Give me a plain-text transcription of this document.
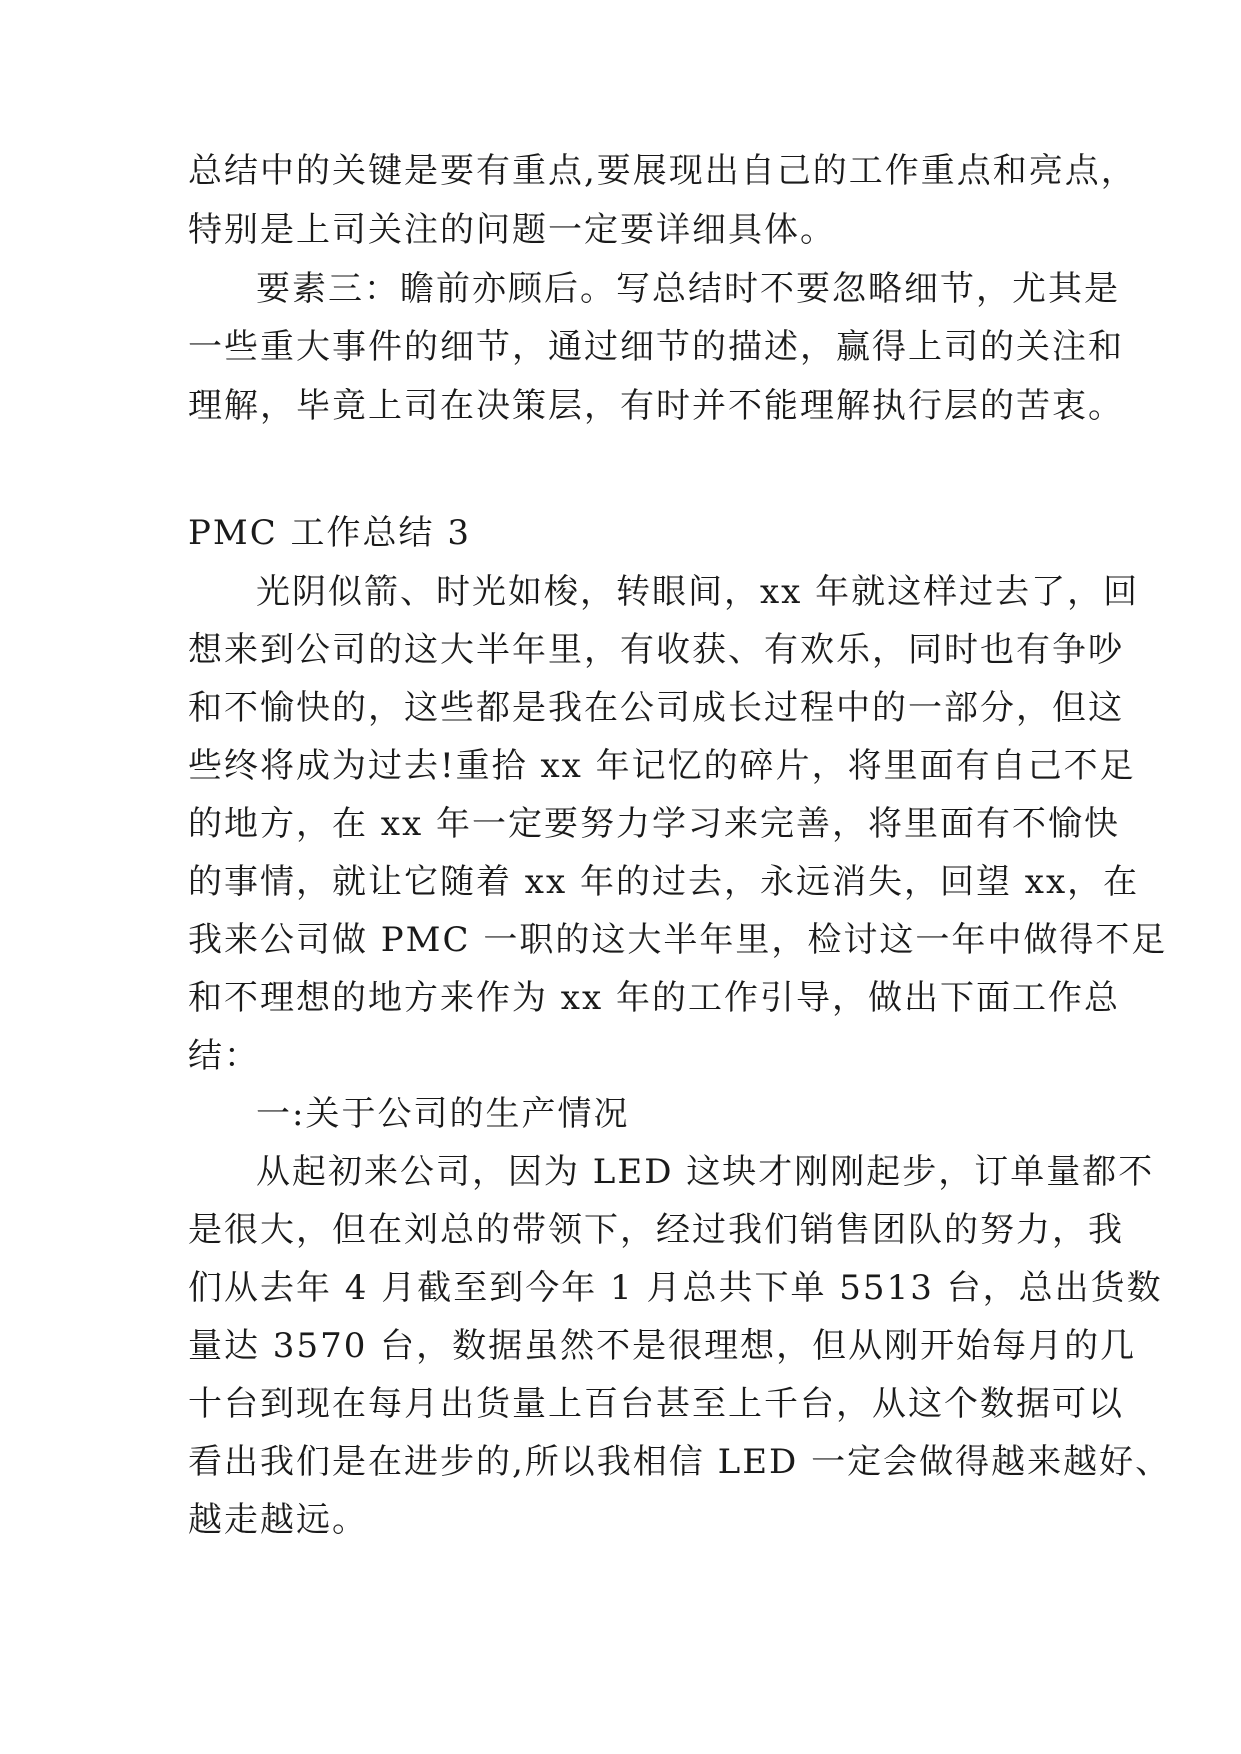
总结中的关键是要有重点,要展现出自己的工作重点和亮点，

特别是上司关注的问题一定要详细具体。

要素三：瞻前亦顾后。写总结时不要忽略细节，尤其是

一些重大事件的细节，通过细节的描述，赢得上司的关注和

理解，毕竟上司在决策层，有时并不能理解执行层的苦衷。

PMC 工作总结 3

光阴似箭、时光如梭，转眼间，xx 年就这样过去了，回

想来到公司的这大半年里，有收获、有欢乐，同时也有争吵

和不愉快的，这些都是我在公司成长过程中的一部分，但这

些终将成为过去!重拾 xx 年记忆的碎片，将里面有自己不足

的地方，在 xx 年一定要努力学习来完善，将里面有不愉快

的事情，就让它随着 xx 年的过去，永远消失，回望 xx，在

我来公司做 PMC 一职的这大半年里，检讨这一年中做得不足

和不理想的地方来作为 xx 年的工作引导，做出下面工作总

结：

一:关于公司的生产情况

从起初来公司，因为 LED 这块才刚刚起步，订单量都不

是很大，但在刘总的带领下，经过我们销售团队的努力，我

们从去年 4 月截至到今年 1 月总共下单 5513 台，总出货数

量达 3570 台，数据虽然不是很理想，但从刚开始每月的几

十台到现在每月出货量上百台甚至上千台，从这个数据可以

看出我们是在进步的,所以我相信 LED 一定会做得越来越好、

越走越远。
